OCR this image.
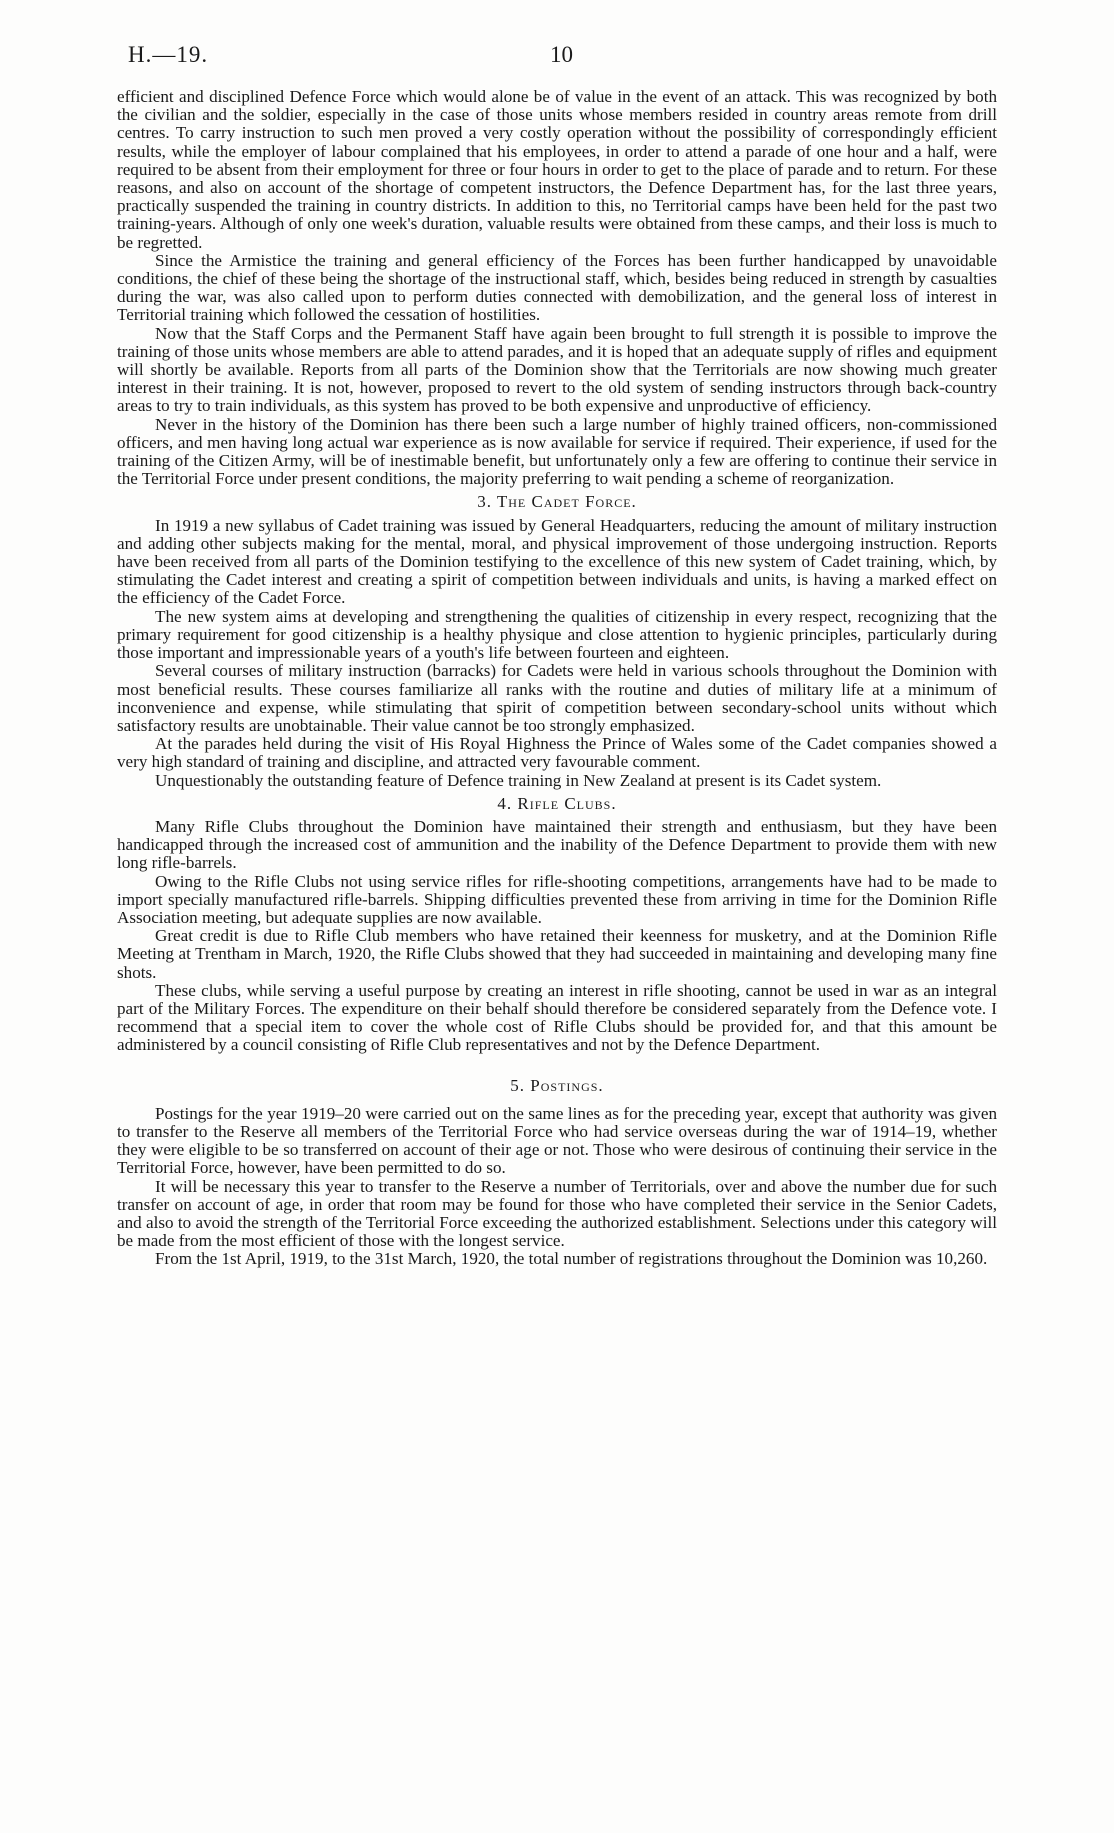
H.—19.	10

efficient and disciplined Defence Force which would alone be of value in the event of an attack. This was recognized by both the civilian and the soldier, especially in the case of those units whose members resided in country areas remote from drill centres. To carry instruction to such men proved a very costly operation without the possibility of correspondingly efficient results, while the employer of labour complained that his employees, in order to attend a parade of one hour and a half, were required to be absent from their employment for three or four hours in order to get to the place of parade and to return. For these reasons, and also on account of the shortage of competent instructors, the Defence Department has, for the last three years, practically suspended the training in country districts. In addition to this, no Territorial camps have been held for the past two training-years. Although of only one week's duration, valuable results were obtained from these camps, and their loss is much to be regretted.

Since the Armistice the training and general efficiency of the Forces has been further handicapped by unavoidable conditions, the chief of these being the shortage of the instructional staff, which, besides being reduced in strength by casualties during the war, was also called upon to perform duties connected with demobilization, and the general loss of interest in Territorial training which followed the cessation of hostilities.

Now that the Staff Corps and the Permanent Staff have again been brought to full strength it is possible to improve the training of those units whose members are able to attend parades, and it is hoped that an adequate supply of rifles and equipment will shortly be available. Reports from all parts of the Dominion show that the Territorials are now showing much greater interest in their training. It is not, however, proposed to revert to the old system of sending instructors through back-country areas to try to train individuals, as this system has proved to be both expensive and unproductive of efficiency.

Never in the history of the Dominion has there been such a large number of highly trained officers, non-commissioned officers, and men having long actual war experience as is now available for service if required. Their experience, if used for the training of the Citizen Army, will be of inestimable benefit, but unfortunately only a few are offering to continue their service in the Territorial Force under present conditions, the majority preferring to wait pending a scheme of reorganization.

3. The Cadet Force.

In 1919 a new syllabus of Cadet training was issued by General Headquarters, reducing the amount of military instruction and adding other subjects making for the mental, moral, and physical improvement of those undergoing instruction. Reports have been received from all parts of the Dominion testifying to the excellence of this new system of Cadet training, which, by stimulating the Cadet interest and creating a spirit of competition between individuals and units, is having a marked effect on the efficiency of the Cadet Force.

The new system aims at developing and strengthening the qualities of citizenship in every respect, recognizing that the primary requirement for good citizenship is a healthy physique and close attention to hygienic principles, particularly during those important and impressionable years of a youth's life between fourteen and eighteen.

Several courses of military instruction (barracks) for Cadets were held in various schools throughout the Dominion with most beneficial results. These courses familiarize all ranks with the routine and duties of military life at a minimum of inconvenience and expense, while stimulating that spirit of competition between secondary-school units without which satisfactory results are unobtainable. Their value cannot be too strongly emphasized.

At the parades held during the visit of His Royal Highness the Prince of Wales some of the Cadet companies showed a very high standard of training and discipline, and attracted very favourable comment.

Unquestionably the outstanding feature of Defence training in New Zealand at present is its Cadet system.

4. Rifle Clubs.

Many Rifle Clubs throughout the Dominion have maintained their strength and enthusiasm, but they have been handicapped through the increased cost of ammunition and the inability of the Defence Department to provide them with new long rifle-barrels.

Owing to the Rifle Clubs not using service rifles for rifle-shooting competitions, arrangements have had to be made to import specially manufactured rifle-barrels. Shipping difficulties prevented these from arriving in time for the Dominion Rifle Association meeting, but adequate supplies are now available.

Great credit is due to Rifle Club members who have retained their keenness for musketry, and at the Dominion Rifle Meeting at Trentham in March, 1920, the Rifle Clubs showed that they had succeeded in maintaining and developing many fine shots.

These clubs, while serving a useful purpose by creating an interest in rifle shooting, cannot be used in war as an integral part of the Military Forces. The expenditure on their behalf should therefore be considered separately from the Defence vote. I recommend that a special item to cover the whole cost of Rifle Clubs should be provided for, and that this amount be administered by a council consisting of Rifle Club representatives and not by the Defence Department.

5. Postings.

Postings for the year 1919–20 were carried out on the same lines as for the preceding year, except that authority was given to transfer to the Reserve all members of the Territorial Force who had service overseas during the war of 1914–19, whether they were eligible to be so transferred on account of their age or not. Those who were desirous of continuing their service in the Territorial Force, however, have been permitted to do so.

It will be necessary this year to transfer to the Reserve a number of Territorials, over and above the number due for such transfer on account of age, in order that room may be found for those who have completed their service in the Senior Cadets, and also to avoid the strength of the Territorial Force exceeding the authorized establishment. Selections under this category will be made from the most efficient of those with the longest service.

From the 1st April, 1919, to the 31st March, 1920, the total number of registrations throughout the Dominion was 10,260.
